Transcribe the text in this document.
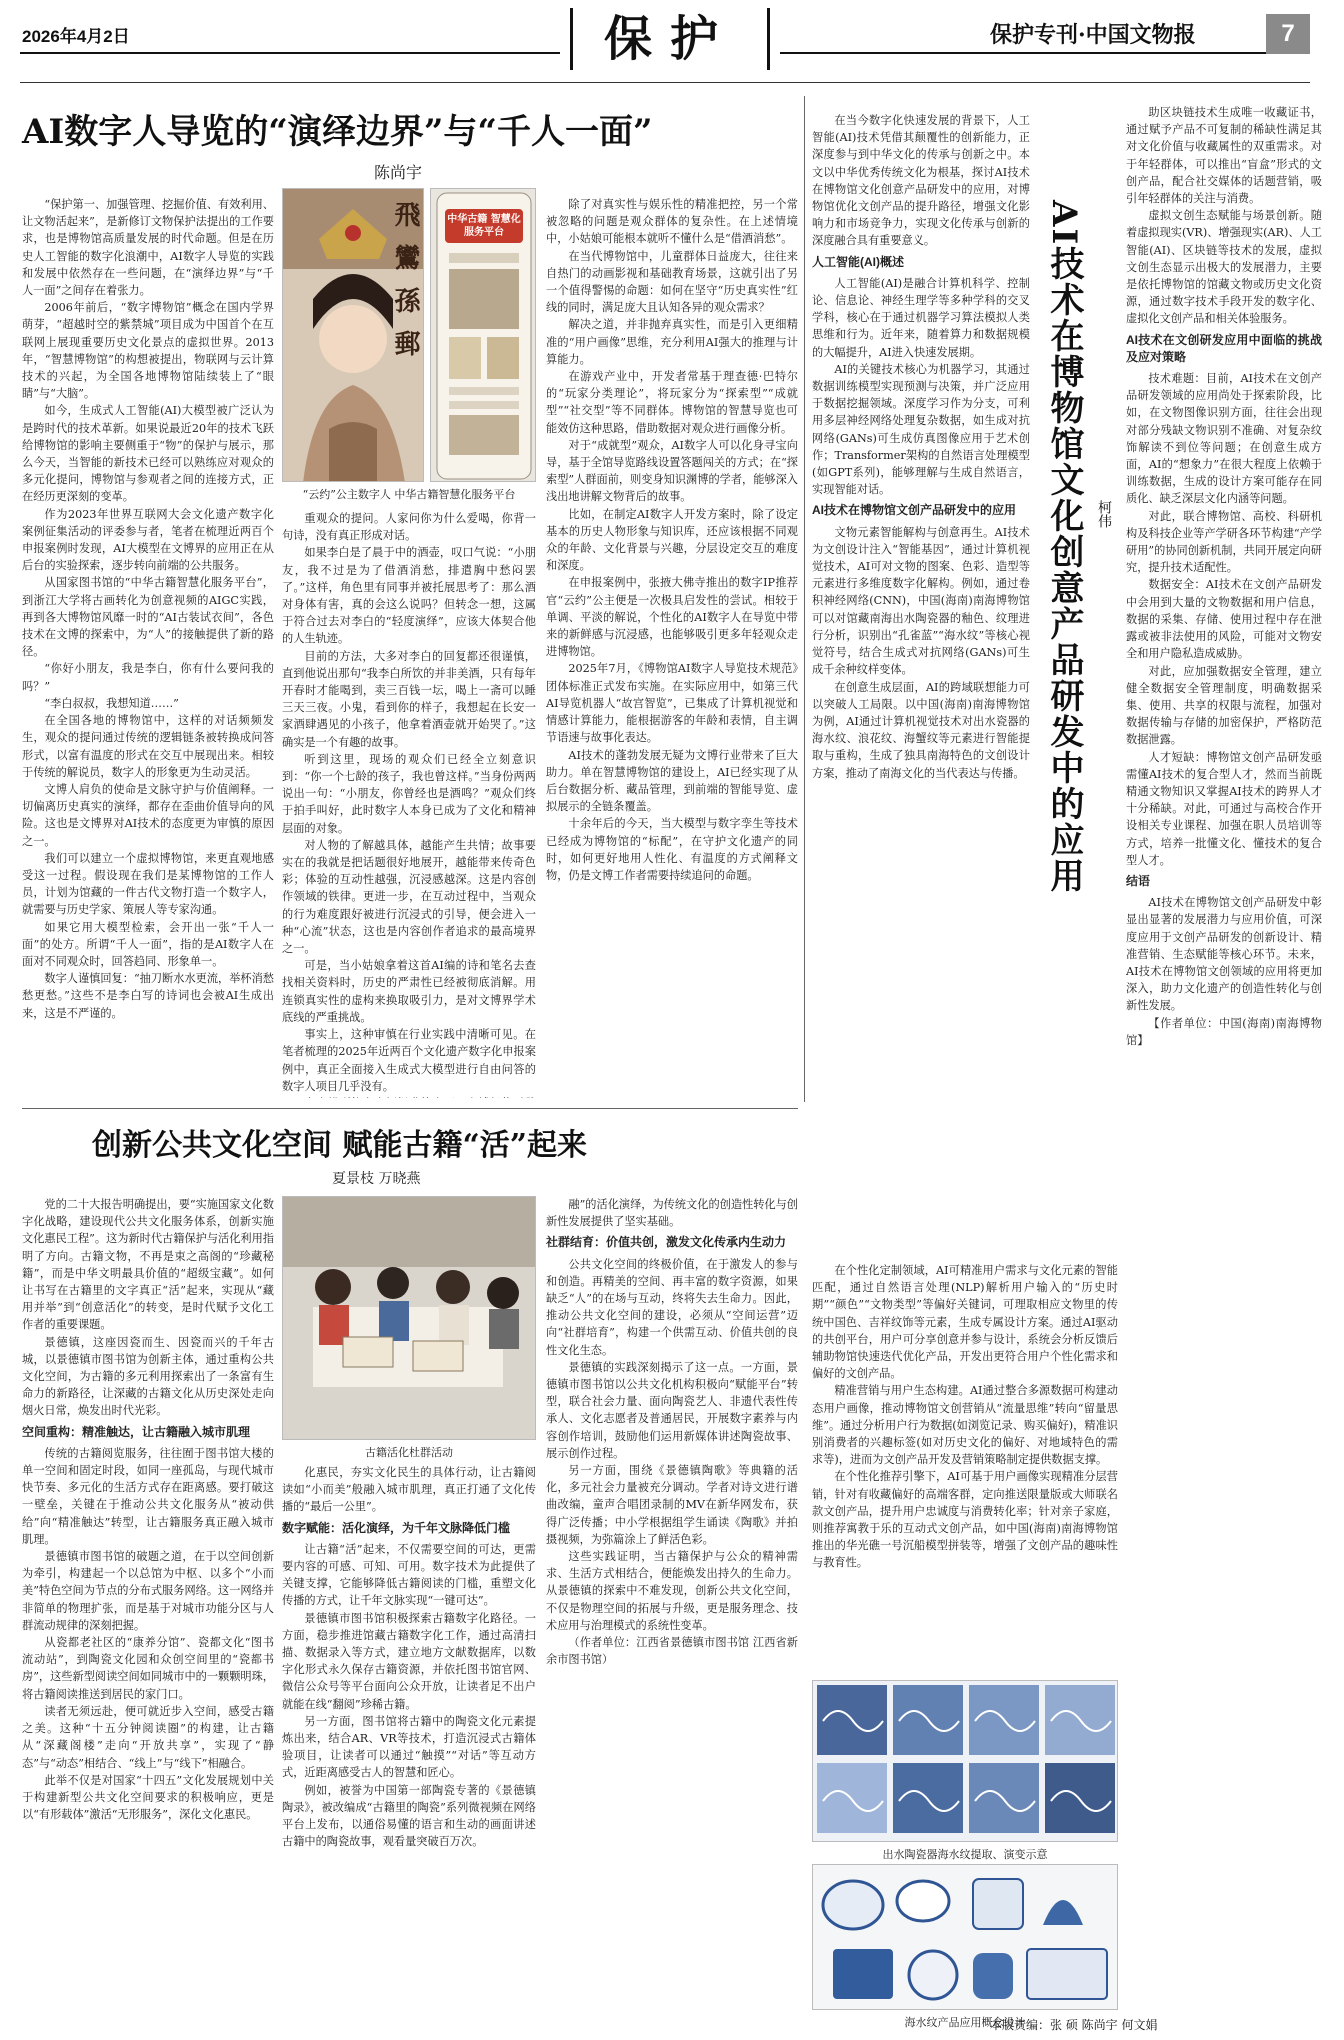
2026年4月2日	保护	保护专刊·中国文物报	7
AI数字人导览的“演绎边界”与“千人一面”
陈尚宇

“保护第一、加强管理、挖掘价值、有效利用、让文物活起来”，是新修订文物保护法提出的工作要求，也是博物馆高质量发展的时代命题。但是在历史人工智能的数字化浪潮中，AI数字人导览的实践和发展中依然存在一些问题，在“演绎边界”与“千人一面”之间存在着张力。

2006年前后，“数字博物馆”概念在国内学界萌芽，“超越时空的紫禁城”项目成为中国首个在互联网上展现重要历史文化景点的虚拟世界。2013年，“智慧博物馆”的构想被提出，物联网与云计算技术的兴起，为全国各地博物馆陆续装上了“眼睛”与“大脑”。

如今，生成式人工智能(AI)大模型被广泛认为是跨时代的技术革新。如果说最近20年的技术飞跃给博物馆的影响主要侧重于“物”的保护与展示，那么今天，当智能的新技术已经可以熟练应对观众的多元化提问，博物馆与参观者之间的连接方式，正在经历更深刻的变革。

作为2023年世界互联网大会文化遗产数字化案例征集活动的评委参与者，笔者在梳理近两百个申报案例时发现，AI大模型在文博界的应用正在从后台的实验探索，逐步转向前端的公共服务。

从国家图书馆的“中华古籍智慧化服务平台”，到浙江大学将古画转化为创意视频的AIGC实践，再到各大博物馆风靡一时的“AI古装试衣间”，各色技术在文博的探索中，为“人”的接触提供了新的路径。

“你好小朋友，我是李白，你有什么要问我的吗？”

“李白叔叔，我想知道……”

在全国各地的博物馆中，这样的对话频频发生，观众的提问通过传统的逻辑链条被转换成问答形式，以富有温度的形式在交互中展现出来。相较于传统的解说员，数字人的形象更为生动灵活。

文博人肩负的使命是文脉守护与价值阐释。一切偏离历史真实的演绎，都存在歪曲价值导向的风险。这也是文博界对AI技术的态度更为审慎的原因之一。

我们可以建立一个虚拟博物馆，来更直观地感受这一过程。假设现在我们是某博物馆的工作人员，计划为馆藏的一件古代文物打造一个数字人，就需要与历史学家、策展人等专家沟通。

如果它用大模型检索，会开出一张“千人一面”的处方。所谓“千人一面”，指的是AI数字人在面对不同观众时，回答趋同、形象单一。

数字人谨慎回复：“抽刀断水水更流，举杯消愁愁更愁。”这些不是李白写的诗词也会被AI生成出来，这是不严谨的。

飛 鸞 孫 郵	中华古籍 智慧化服务平台
“云约”公主数字人 中华古籍智慧化服务平台

重观众的提问。人家问你为什么爱喝，你背一句诗，没有真正形成对话。

如果李白是了晨于中的酒壶，叹口气说：“小朋友，我不过是为了借酒消愁，排遣胸中愁闷罢了。”这样，角色里有同事并被托展思考了：那么酒对身体有害，真的会这么说吗？但转念一想，这属于符合过去对李白的“轻度演绎”，应该大体契合他的人生轨迹。

目前的方法，大多对李白的回复都还很谨慎，直到他说出那句“我李白所饮的并非美酒，只有每年开春时才能喝到，卖三百钱一坛，喝上一斋可以睡三天三夜。小鬼，看到你的样子，我想起在长安一家酒肆遇见的小孩子，他拿着酒壶就开始哭了。”这确实是一个有趣的故事。

听到这里，现场的观众们已经全立刻意识到：“你一个七龄的孩子，我也曾这样。”当身份两两说出一句：“小朋友，你曾经也是酒鸣？”观众们终于拍手叫好，此时数字人本身已成为了文化和精神层面的对象。

对人物的了解越具体，越能产生共情；故事要实在的我就是把话题很好地展开，越能带来传奇色彩；体验的互动性越强，沉浸感越深。这是内容创作领域的铁律。更进一步，在互动过程中，当观众的行为难度跟好被进行沉浸式的引导，便会进入一种“心流”状态，这也是内容创作者追求的最高境界之一。

可是，当小姑娘拿着这首AI编的诗和笔名去查找相关资料时，历史的严肃性已经被彻底消解。用连锁真实性的虚构来换取吸引力，是对文博界学术底线的严重挑战。

事实上，这种审慎在行业实践中清晰可见。在笔者梳理的2025年近两百个文化遗产数字化申报案例中，真正全面接入生成式大模型进行自由问答的数字人项目几乎没有。

除了对真实性与娱乐性的精准把控，另一个常被忽略的问题是观众群体的复杂性。在上述情境中，小姑娘可能根本就听不懂什么是“借酒消愁”。

在当代博物馆中，儿童群体日益庞大，往往来自热门的动画影视和基础教育场景，这就引出了另一个值得警惕的命题：如何在坚守“历史真实性”红线的同时，满足庞大且认知各异的观众需求？

解决之道，并非抛弃真实性，而是引入更细精准的“用户画像”思维，充分利用AI强大的推理与计算能力。

在游戏产业中，开发者常基于理查德·巴特尔的“玩家分类理论”，将玩家分为“探索型”“成就型”“社交型”等不同群体。博物馆的智慧导览也可能效仿这种思路，借助数据对观众进行画像分析。

对于“成就型”观众，AI数字人可以化身寻宝向导，基于全馆导览路线设置答题闯关的方式；在“探索型”人群面前，则变身知识渊博的学者，能够深入浅出地讲解文物背后的故事。

比如，在制定AI数字人开发方案时，除了设定基本的历史人物形象与知识库，还应该根据不同观众的年龄、文化背景与兴趣，分层设定交互的难度和深度。

在申报案例中，张掖大佛寺推出的数字IP推荐官“云约”公主便是一次极具启发性的尝试。相较于单调、平淡的解说，个性化的AI数字人在导览中带来的新鲜感与沉浸感，也能够吸引更多年轻观众走进博物馆。

2025年7月，《博物馆AI数字人导览技术规范》团体标准正式发布实施。在实际应用中，如第三代AI导览机器人“故宫智览”，已集成了计算机视觉和情感计算能力，能根据游客的年龄和表情，自主调节语速与故事化表达。

AI技术的蓬勃发展无疑为文博行业带来了巨大助力。单在智慧博物馆的建设上，AI已经实现了从后台数据分析、藏品管理，到前端的智能导览、虚拟展示的全链条覆盖。

十余年后的今天，当大模型与数字孪生等技术已经成为博物馆的“标配”，在守护文化遗产的同时，如何更好地用人性化、有温度的方式阐释文物，仍是文博工作者需要持续追问的命题。

在当今数字化快速发展的背景下，人工智能(AI)技术凭借其颠覆性的创新能力，正深度参与到中华文化的传承与创新之中。本文以中华优秀传统文化为根基，探讨AI技术在博物馆文化创意产品研发中的应用，对博物馆优化文创产品的提升路径，增强文化影响力和市场竞争力，实现文化传承与创新的深度融合具有重要意义。

人工智能(AI)概述

人工智能(AI)是融合计算机科学、控制论、信息论、神经生理学等多种学科的交叉学科，核心在于通过机器学习算法模拟人类思维和行为。近年来，随着算力和数据规模的大幅提升，AI进入快速发展期。

AI的关键技术核心为机器学习，其通过数据训练模型实现预测与决策，并广泛应用于数据挖掘领域。深度学习作为分支，可利用多层神经网络处理复杂数据，如生成对抗网络(GANs)可生成仿真图像应用于艺术创作；Transformer架构的自然语言处理模型(如GPT系列)，能够理解与生成自然语言，实现智能对话。

AI技术在博物馆文创产品研发中的应用

文物元素智能解构与创意再生。AI技术为文创设计注入“智能基因”，通过计算机视觉技术，AI可对文物的图案、色彩、造型等元素进行多维度数字化解构。例如，通过卷积神经网络(CNN)，中国(海南)南海博物馆可以对馆藏南海出水陶瓷器的釉色、纹理进行分析，识别出“孔雀蓝”“海水纹”等核心视觉符号，结合生成式对抗网络(GANs)可生成千余种纹样变体。

在创意生成层面，AI的跨域联想能力可以突破人工局限。以中国(海南)南海博物馆为例，AI通过计算机视觉技术对出水瓷器的海水纹、浪花纹、海蟹纹等元素进行智能提取与重构，生成了独具南海特色的文创设计方案，推动了南海文化的当代表达与传播。 AI技术在博物馆文化创意产品研发中的应用 柯伟

助区块链技术生成唯一收藏证书，通过赋予产品不可复制的稀缺性满足其对文化价值与收藏属性的双重需求。对于年轻群体，可以推出“盲盒”形式的文创产品，配合社交媒体的话题营销，吸引年轻群体的关注与消费。

虚拟文创生态赋能与场景创新。随着虚拟现实(VR)、增强现实(AR)、人工智能(AI)、区块链等技术的发展，虚拟文创生态显示出极大的发展潜力，主要是依托博物馆的馆藏文物或历史文化资源，通过数字技术手段开发的数字化、虚拟化文创产品和相关体验服务。

AI技术在文创研发应用中面临的挑战及应对策略

技术难题：目前，AI技术在文创产品研发领域的应用尚处于探索阶段，比如，在文物图像识别方面，往往会出现对部分残缺文物识别不准确、对复杂纹饰解读不到位等问题；在创意生成方面，AI的“想象力”在很大程度上依赖于训练数据，生成的设计方案可能存在同质化、缺乏深层文化内涵等问题。

对此，联合博物馆、高校、科研机构及科技企业等产学研各环节构建“产学研用”的协同创新机制，共同开展定向研究，提升技术适配性。

数据安全：AI技术在文创产品研发中会用到大量的文物数据和用户信息，数据的采集、存储、使用过程中存在泄露或被非法使用的风险，可能对文物安全和用户隐私造成威胁。

对此，应加强数据安全管理，建立健全数据安全管理制度，明确数据采集、使用、共享的权限与流程，加强对数据传输与存储的加密保护，严格防范数据泄露。

人才短缺：博物馆文创产品研发亟需懂AI技术的复合型人才，然而当前既精通文物知识又掌握AI技术的跨界人才十分稀缺。对此，可通过与高校合作开设相关专业课程、加强在职人员培训等方式，培养一批懂文化、懂技术的复合型人才。

结语

AI技术在博物馆文创产品研发中彰显出显著的发展潜力与应用价值，可深度应用于文创产品研发的创新设计、精准营销、生态赋能等核心环节。未来，AI技术在博物馆文创领域的应用将更加深入，助力文化遗产的创造性转化与创新性发展。

【作者单位：中国(海南)南海博物馆】

在个性化定制领域，AI可精准用户需求与文化元素的智能匹配，通过自然语言处理(NLP)解析用户输入的“历史时期”“颜色”“文物类型”等偏好关键词，可理取相应文物里的传统中国色、吉祥纹饰等元素，生成专属设计方案。通过AI驱动的共创平台，用户可分享创意并参与设计，系统会分析反馈后辅助物馆快速迭代优化产品，开发出更符合用户个性化需求和偏好的文创产品。

精准营销与用户生态构建。AI通过整合多源数据可构建动态用户画像，推动博物馆文创营销从“流量思维”转向“留量思维”。通过分析用户行为数据(如浏览记录、购买偏好)，精准识别消费者的兴趣标签(如对历史文化的偏好、对地域特色的需求等)，进而为文创产品开发及营销策略制定提供数据支撑。

在个性化推荐引擎下，AI可基于用户画像实现精准分层营销，针对有收藏偏好的高端客群，定向推送限量版或大师联名款文创产品，提升用户忠诚度与消费转化率；针对亲子家庭，则推荐寓教于乐的互动式文创产品，如中国(海南)南海博物馆推出的华光礁一号沉船模型拼装等，增强了文创产品的趣味性与教育性。

出水陶瓷器海水纹提取、演变示意
海水纹产品应用概念设计
创新公共文化空间 赋能古籍“活”起来
夏景枝 万晓燕

党的二十大报告明确提出，要“实施国家文化数字化战略，建设现代公共文化服务体系，创新实施文化惠民工程”。这为新时代古籍保护与活化利用指明了方向。古籍文物，不再是束之高阁的“珍藏秘籍”，而是中华文明最具价值的“超级宝藏”。如何让书写在古籍里的文字真正“活”起来，实现从“藏用并举”到“创意活化”的转变，是时代赋予文化工作者的重要课题。

景德镇，这座因瓷而生、因瓷而兴的千年古城，以景德镇市图书馆为创新主体，通过重构公共文化空间，为古籍的多元利用探索出了一条富有生命力的新路径，让深藏的古籍文化从历史深处走向烟火日常，焕发出时代光彩。

空间重构：精准触达，让古籍融入城市肌理

传统的古籍阅览服务，往往囿于图书馆大楼的单一空间和固定时段，如同一座孤岛，与现代城市快节奏、多元化的生活方式存在距离感。要打破这一壁垒，关键在于推动公共文化服务从“被动供给”向“精准触达”转型，让古籍服务真正融入城市肌理。

景德镇市图书馆的破题之道，在于以空间创新为牵引，构建起一个以总馆为中枢、以多个“小而美”特色空间为节点的分布式服务网络。这一网络并非简单的物理扩张，而是基于对城市功能分区与人群流动规律的深刻把握。

从瓷都老社区的“康养分馆”、瓷都文化“图书流动站”，到陶瓷文化园和众创空间里的“瓷都书房”，这些新型阅读空间如同城市中的一颗颗明珠，将古籍阅读推送到居民的家门口。

读者无须远赴，便可就近步入空间，感受古籍之美。这种“十五分钟阅读圈”的构建，让古籍从“深藏阁楼”走向“开放共享”，实现了“静态”与“动态”相结合、“线上”与“线下”相融合。

此举不仅是对国家“十四五”文化发展规划中关于构建新型公共文化空间要求的积极响应，更是以“有形载体”激活“无形服务”，深化文化惠民。

古籍活化杜群活动

化惠民，夯实文化民生的具体行动，让古籍阅读如“小而美”般融入城市肌理，真正打通了文化传播的“最后一公里”。

数字赋能：活化演绎，为千年文脉降低门槛

让古籍“活”起来，不仅需要空间的可达，更需要内容的可感、可知、可用。数字技术为此提供了关键支撑，它能够降低古籍阅读的门槛，重塑文化传播的方式，让千年文脉实现“一键可达”。

景德镇市图书馆积极探索古籍数字化路径。一方面，稳步推进馆藏古籍数字化工作，通过高清扫描、数据录入等方式，建立地方文献数据库，以数字化形式永久保存古籍资源，并依托图书馆官网、微信公众号等平台面向公众开放，让读者足不出户就能在线“翻阅”珍稀古籍。

另一方面，图书馆将古籍中的陶瓷文化元素提炼出来，结合AR、VR等技术，打造沉浸式古籍体验项目，让读者可以通过“触摸”“对话”等互动方式，近距离感受古人的智慧和匠心。

例如，被誉为中国第一部陶瓷专著的《景德镇陶录》，被改编成“古籍里的陶瓷”系列微视频在网络平台上发布，以通俗易懂的语言和生动的画面讲述古籍中的陶瓷故事，观看量突破百万次。

融”的活化演绎，为传统文化的创造性转化与创新性发展提供了坚实基础。

社群结育：价值共创，激发文化传承内生动力

公共文化空间的终极价值，在于激发人的参与和创造。再精美的空间、再丰富的数字资源，如果缺乏“人”的在场与互动，终将失去生命力。因此，推动公共文化空间的建设，必须从“空间运营”迈向“社群培育”，构建一个供需互动、价值共创的良性文化生态。

景德镇的实践深刻揭示了这一点。一方面，景德镇市图书馆以公共文化机构积极向“赋能平台”转型，联合社会力量、面向陶瓷艺人、非遗代表性传承人、文化志愿者及普通居民，开展数字素养与内容创作培训，鼓励他们运用新媒体讲述陶瓷故事、展示创作过程。

另一方面，围绕《景德镇陶歌》等典籍的活化，多元社会力量被充分调动。学者对诗文进行谱曲改编，童声合唱团录制的MV在新华网发布，获得广泛传播；中小学根据组学生诵读《陶歌》并拍摄视频，为弥篇涂上了鲜活色彩。

这些实践证明，当古籍保护与公众的精神需求、生活方式相结合，便能焕发出持久的生命力。从景德镇的探索中不难发现，创新公共文化空间，不仅是物理空间的拓展与升级，更是服务理念、技术应用与治理模式的系统性变革。

（作者单位：江西省景德镇市图书馆 江西省新余市图书馆）

本版责编：张 硕 陈尚宇 何文娟
